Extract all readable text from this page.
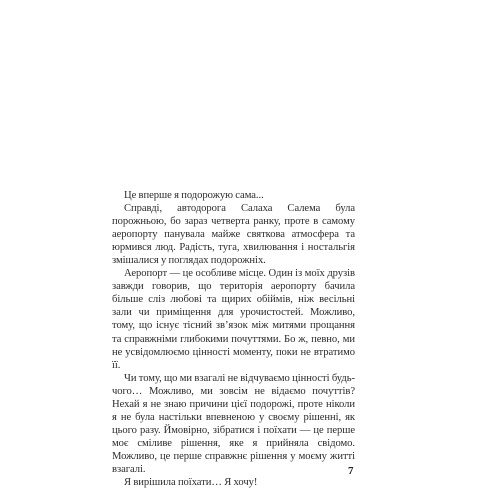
Це вперше я подорожую сама...

Справді, автодорога Салаха Салема була порожньою, бо зараз четверта ранку, проте в самому аеропорту панувала майже святкова атмосфера та юрмився люд. Радість, туга, хвилювання і ностальгія змішалися у поглядах подорожніх.

Аеропорт — це особливе місце. Один із моїх друзів завжди говорив, що територія аеропорту бачила більше сліз любові та щирих обіймів, ніж весільні зали чи приміщення для урочистостей. Можливо, тому, що існує тісний зв’язок між митями прощання та справжніми глибокими почуттями. Бо ж, певно, ми не усвідомлюємо цінності моменту, поки не втратимо її.

Чи тому, що ми взагалі не відчуваємо цінності будь-чого… Можливо, ми зовсім не відаємо почуттів? Нехай я не знаю причини цієї подорожі, проте ніколи я не була настільки впевненою у своєму рішенні, як цього разу. Ймовірно, зібратися і поїхати — це перше моє сміливе рішення, яке я прийняла свідомо. Можливо, це перше справжнє рішення у моєму житті взагалі.

Я вирішила поїхати… Я хочу!

7
